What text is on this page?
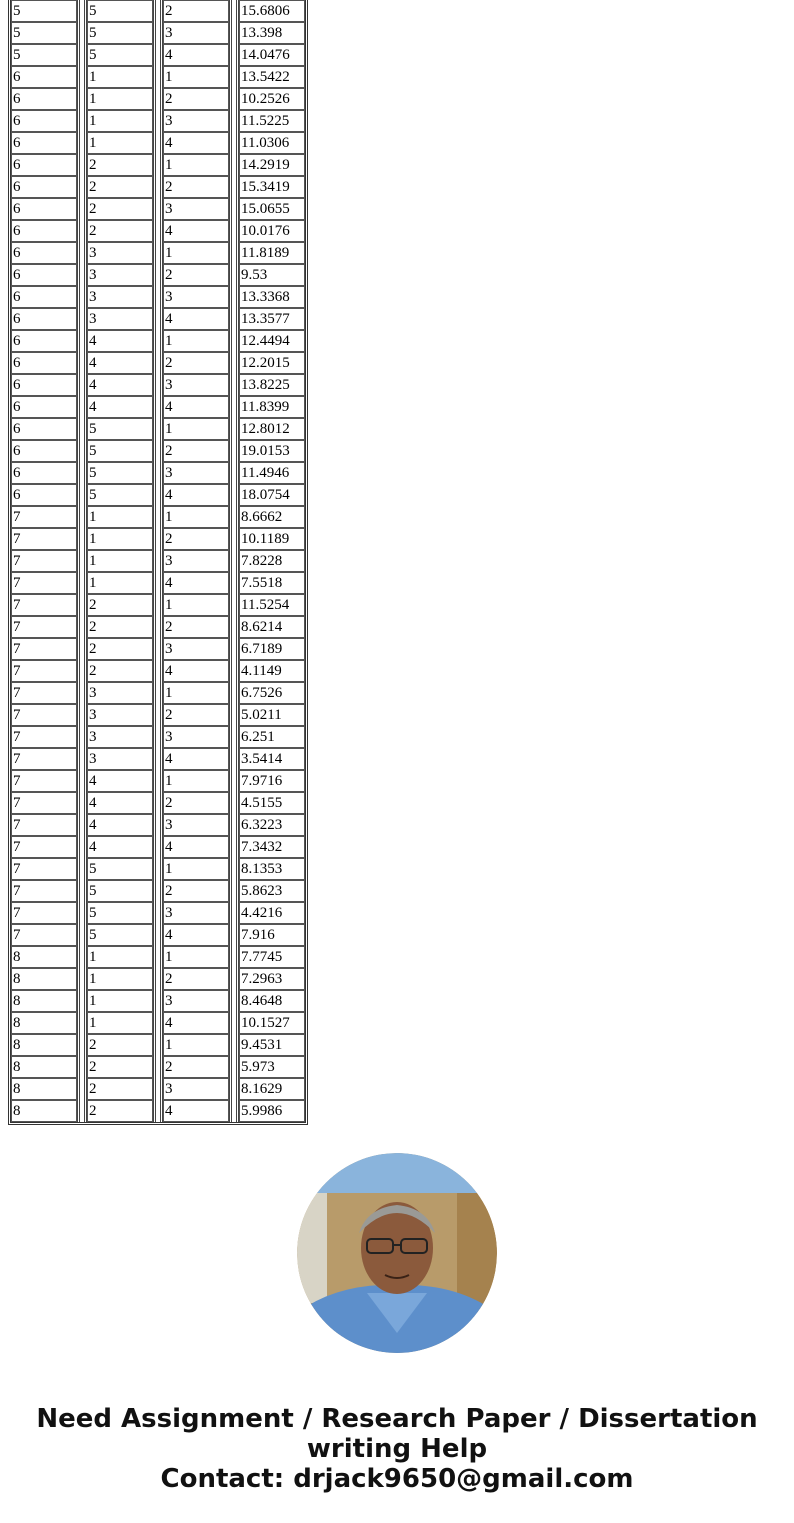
5		5		2		15.6806
5		5		3		13.398
5		5		4		14.0476
6		1		1		13.5422
6		1		2		10.2526
6		1		3		11.5225
6		1		4		11.0306
6		2		1		14.2919
6		2		2		15.3419
6		2		3		15.0655
6		2		4		10.0176
6		3		1		11.8189
6		3		2		9.53
6		3		3		13.3368
6		3		4		13.3577
6		4		1		12.4494
6		4		2		12.2015
6		4		3		13.8225
6		4		4		11.8399
6		5		1		12.8012
6		5		2		19.0153
6		5		3		11.4946
6		5		4		18.0754
7		1		1		8.6662
7		1		2		10.1189
7		1		3		7.8228
7		1		4		7.5518
7		2		1		11.5254
7		2		2		8.6214
7		2		3		6.7189
7		2		4		4.1149
7		3		1		6.7526
7		3		2		5.0211
7		3		3		6.251
7		3		4		3.5414
7		4		1		7.9716
7		4		2		4.5155
7		4		3		6.3223
7		4		4		7.3432
7		5		1		8.1353
7		5		2		5.8623
7		5		3		4.4216
7		5		4		7.916
8		1		1		7.7745
8		1		2		7.2963
8		1		3		8.4648
8		1		4		10.1527
8		2		1		9.4531
8		2		2		5.973
8		2		3		8.1629
8		2		4		5.9986
Need Assignment / Research Paper / Dissertation
writing Help
Contact: drjack9650@gmail.com
